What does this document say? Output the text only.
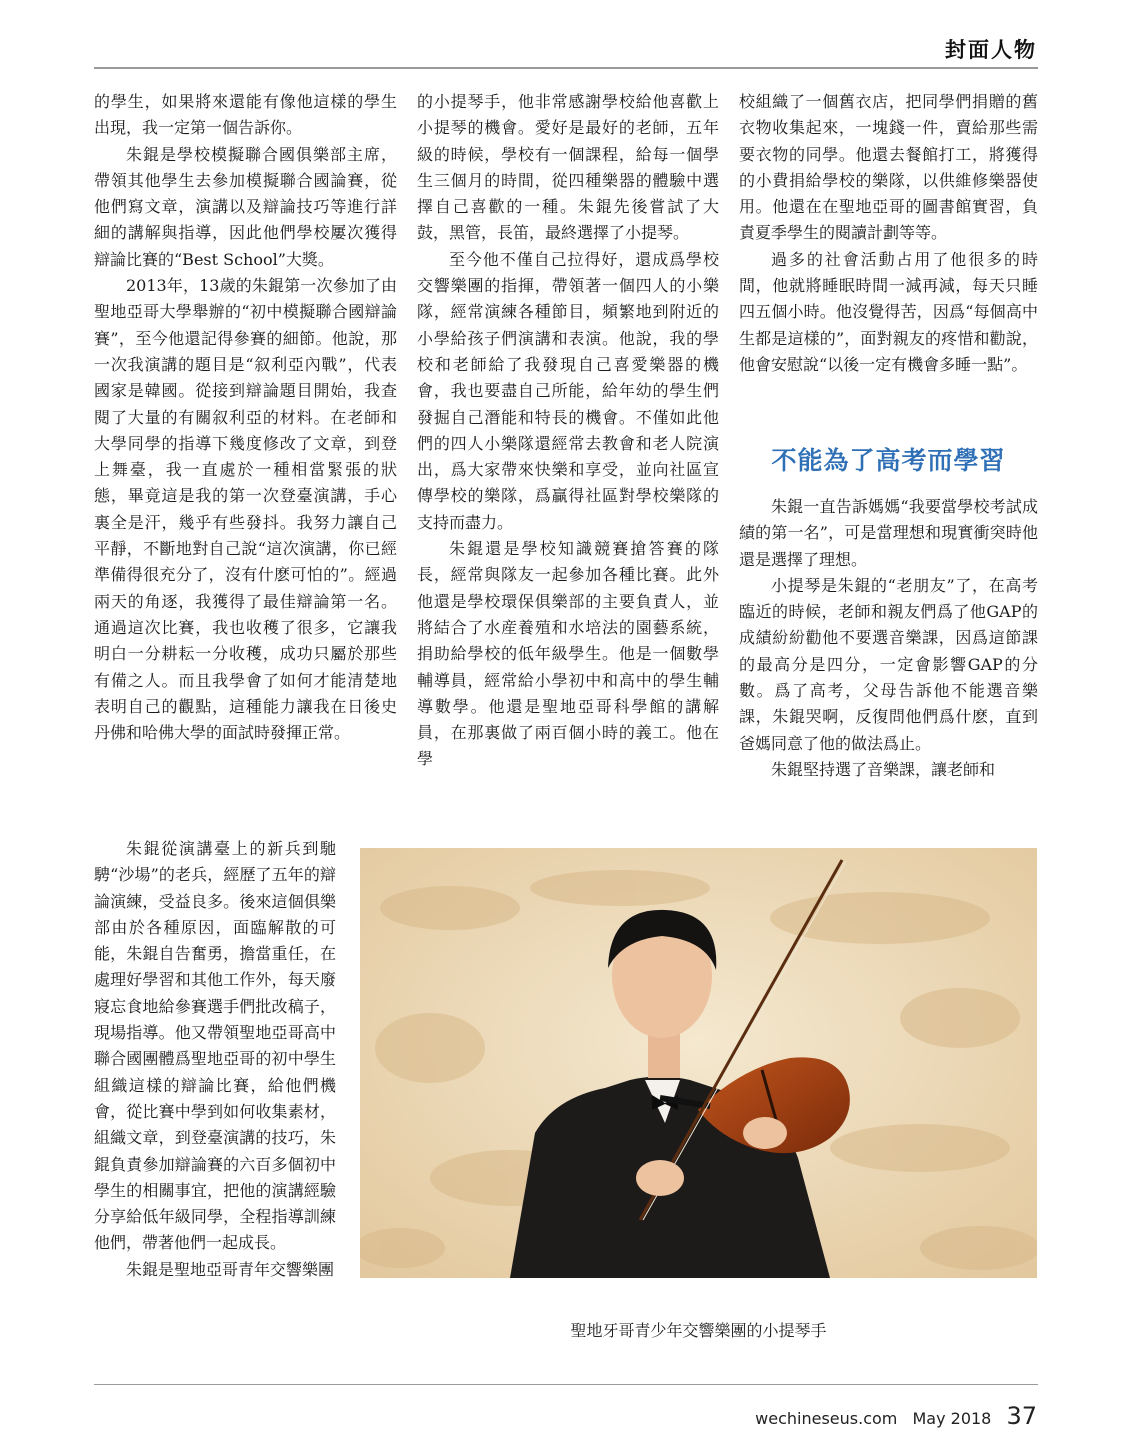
封面人物

的學生，如果將來還能有像他這樣的學生出現，我一定第一個告訴你。

朱錕是學校模擬聯合國俱樂部主席，帶領其他學生去參加模擬聯合國論賽，從他們寫文章，演講以及辯論技巧等進行詳細的講解與指導，因此他們學校屢次獲得辯論比賽的“Best School”大獎。

2013年，13歲的朱錕第一次參加了由聖地亞哥大學舉辦的“初中模擬聯合國辯論賽”，至今他還記得參賽的細節。他說，那一次我演講的題目是“叙利亞內戰”，代表國家是韓國。從接到辯論題目開始，我查閱了大量的有關叙利亞的材料。在老師和大學同學的指導下幾度修改了文章，到登上舞臺，我一直處於一種相當緊張的狀態，畢竟這是我的第一次登臺演講，手心裏全是汗，幾乎有些發抖。我努力讓自己平靜，不斷地對自己說“這次演講，你已經準備得很充分了，沒有什麽可怕的”。經過兩天的角逐，我獲得了最佳辯論第一名。通過這次比賽，我也收穫了很多，它讓我明白一分耕耘一分收穫，成功只屬於那些有備之人。而且我學會了如何才能清楚地表明自己的觀點，這種能力讓我在日後史丹佛和哈佛大學的面試時發揮正常。

朱錕從演講臺上的新兵到馳騁“沙場”的老兵，經歷了五年的辯論演練，受益良多。後來這個俱樂部由於各種原因，面臨解散的可能，朱錕自告奮勇，擔當重任，在處理好學習和其他工作外，每天廢寢忘食地給參賽選手們批改稿子，現場指導。他又帶領聖地亞哥高中聯合國團體爲聖地亞哥的初中學生組織這樣的辯論比賽，給他們機會，從比賽中學到如何收集素材，組織文章，到登臺演講的技巧，朱錕負責參加辯論賽的六百多個初中學生的相關事宜，把他的演講經驗分享給低年級同學，全程指導訓練他們，帶著他們一起成長。

朱錕是聖地亞哥青年交響樂團

的小提琴手，他非常感謝學校給他喜歡上小提琴的機會。愛好是最好的老師，五年級的時候，學校有一個課程，給每一個學生三個月的時間，從四種樂器的體驗中選擇自己喜歡的一種。朱錕先後嘗試了大鼓，黑管，長笛，最終選擇了小提琴。

至今他不僅自己拉得好，還成爲學校交響樂團的指揮，帶領著一個四人的小樂隊，經常演練各種節目，頻繁地到附近的小學給孩子們演講和表演。他說，我的學校和老師給了我發現自己喜愛樂器的機會，我也要盡自己所能，給年幼的學生們發掘自己潛能和特長的機會。不僅如此他們的四人小樂隊還經常去教會和老人院演出，爲大家帶來快樂和享受，並向社區宣傳學校的樂隊，爲贏得社區對學校樂隊的支持而盡力。

朱錕還是學校知識競賽搶答賽的隊長，經常與隊友一起參加各種比賽。此外他還是學校環保俱樂部的主要負責人，並將結合了水産養殖和水培法的園藝系統，捐助給學校的低年級學生。他是一個數學輔導員，經常給小學初中和高中的學生輔導數學。他還是聖地亞哥科學館的講解員，在那裏做了兩百個小時的義工。他在學

校組織了一個舊衣店，把同學們捐贈的舊衣物收集起來，一塊錢一件，賣給那些需要衣物的同學。他還去餐館打工，將獲得的小費捐給學校的樂隊，以供維修樂器使用。他還在在聖地亞哥的圖書館實習，負責夏季學生的閱讀計劃等等。

過多的社會活動占用了他很多的時間，他就將睡眠時間一減再減，每天只睡四五個小時。他沒覺得苦，因爲“每個高中生都是這樣的”，面對親友的疼惜和勸說，他會安慰說“以後一定有機會多睡一點”。

不能為了高考而學習

朱錕一直告訴媽媽“我要當學校考試成績的第一名”，可是當理想和現實衝突時他還是選擇了理想。

小提琴是朱錕的“老朋友”了，在高考臨近的時候，老師和親友們爲了他GAP的成績紛紛勸他不要選音樂課，因爲這節課的最高分是四分，一定會影響GAP的分數。爲了高考，父母告訴他不能選音樂課，朱錕哭啊，反復問他們爲什麽，直到爸媽同意了他的做法爲止。

朱錕堅持選了音樂課，讓老師和

聖地牙哥青少年交響樂團的小提琴手

wechineseus.com May 2018 37
